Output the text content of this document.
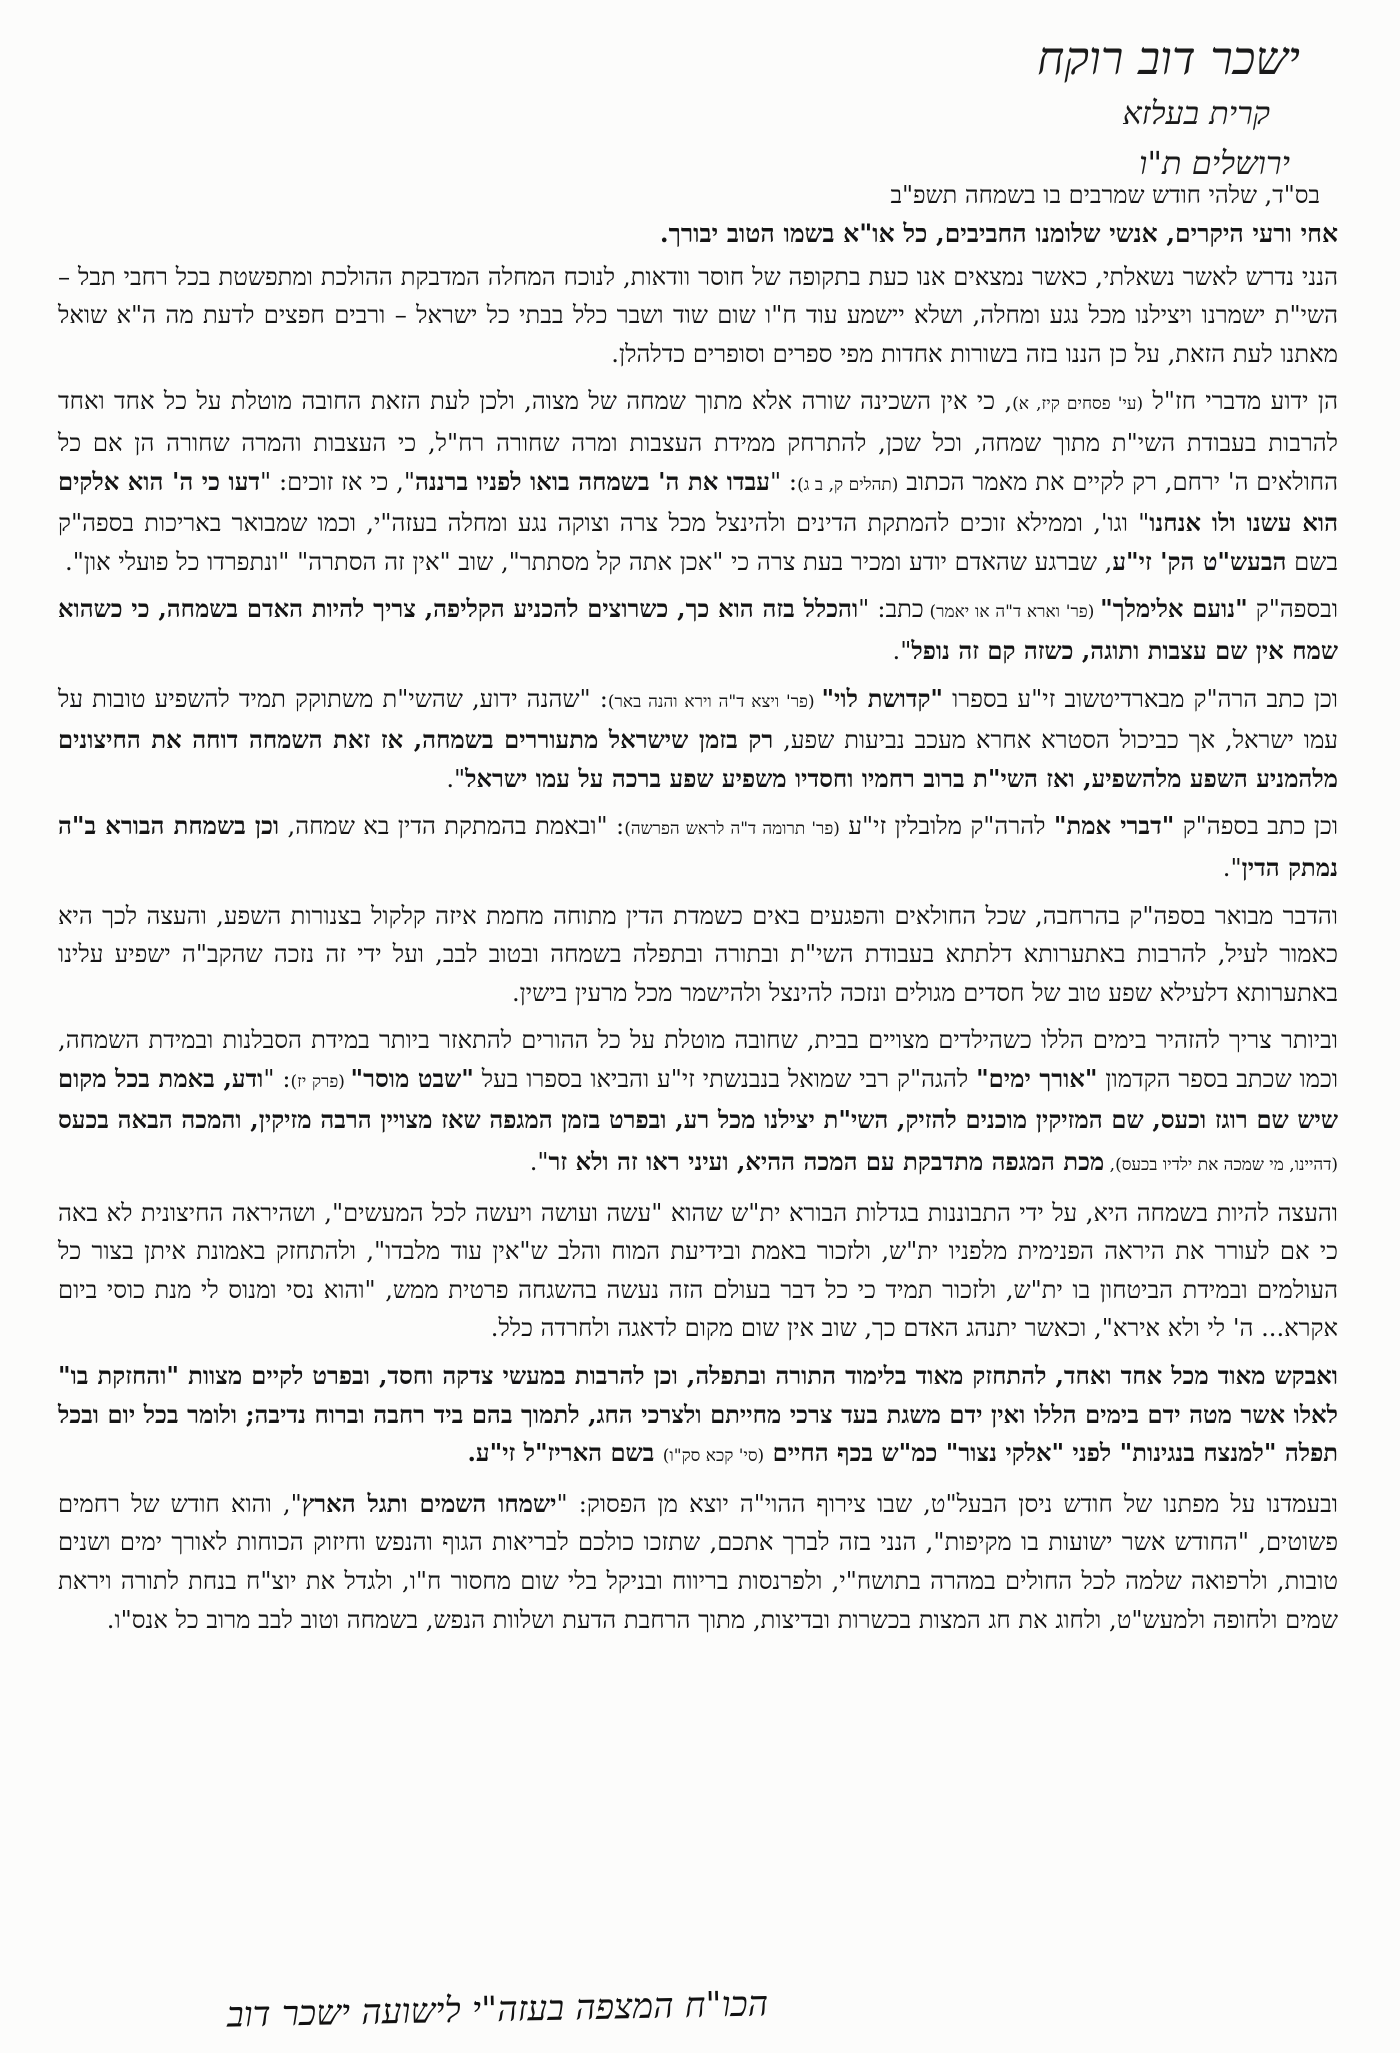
ישכר דוב רוקח
קרית בעלזא
ירושלים ת"ו
בס"ד, שלהי חודש שמרבים בו בשמחה תשפ"ב

אחי ורעי היקרים, אנשי שלומנו החביבים, כל או"א בשמו הטוב יבורך.

הנני נדרש לאשר נשאלתי, כאשר נמצאים אנו כעת בתקופה של חוסר וודאות, לנוכח המחלה המדבקת ההולכת ומתפשטת בכל רחבי תבל – השי"ת ישמרנו ויצילנו מכל נגע ומחלה, ושלא יישמע עוד ח"ו שום שוד ושבר כלל בבתי כל ישראל – ורבים חפצים לדעת מה ה"א שואל מאתנו לעת הזאת, על כן הננו בזה בשורות אחדות מפי ספרים וסופרים כדלהלן.

הן ידוע מדברי חז"ל (עי' פסחים קיז, א), כי אין השכינה שורה אלא מתוך שמחה של מצוה, ולכן לעת הזאת החובה מוטלת על כל אחד ואחד להרבות בעבודת השי"ת מתוך שמחה, וכל שכן, להתרחק ממידת העצבות ומרה שחורה רח"ל, כי העצבות והמרה שחורה הן אם כל החולאים ה' ירחם, רק לקיים את מאמר הכתוב (תהלים ק, ב ג): "עבדו את ה' בשמחה בואו לפניו ברננה", כי אז זוכים: "דעו כי ה' הוא אלקים הוא עשנו ולו אנחנו" וגו', וממילא זוכים להמתקת הדינים ולהינצל מכל צרה וצוקה נגע ומחלה בעזה"י, וכמו שמבואר באריכות בספה"ק בשם הבעש"ט הק' זי"ע, שברגע שהאדם יודע ומכיר בעת צרה כי "אכן אתה קל מסתתר", שוב "אין זה הסתרה" "ונתפרדו כל פועלי און".

ובספה"ק "נועם אלימלך" (פר' וארא ד"ה או יאמר) כתב: "והכלל בזה הוא כך, כשרוצים להכניע הקליפה, צריך להיות האדם בשמחה, כי כשהוא שמח אין שם עצבות ותוגה, כשזה קם זה נופל".

וכן כתב הרה"ק מבארדיטשוב זי"ע בספרו "קדושת לוי" (פר' ויצא ד"ה וירא והנה באר): "שהנה ידוע, שהשי"ת משתוקק תמיד להשפיע טובות על עמו ישראל, אך כביכול הסטרא אחרא מעכב נביעות שפע, רק בזמן שישראל מתעוררים בשמחה, אז זאת השמחה דוחה את החיצונים מלהמניע השפע מלהשפיע, ואז השי"ת ברוב רחמיו וחסדיו משפיע שפע ברכה על עמו ישראל".

וכן כתב בספה"ק "דברי אמת" להרה"ק מלובלין זי"ע (פר' תרומה ד"ה לראש הפרשה): "ובאמת בהמתקת הדין בא שמחה, וכן בשמחת הבורא ב"ה נמתק הדין".

והדבר מבואר בספה"ק בהרחבה, שכל החולאים והפגעים באים כשמדת הדין מתוחה מחמת איזה קלקול בצנורות השפע, והעצה לכך היא כאמור לעיל, להרבות באתערותא דלתתא בעבודת השי"ת ובתורה ובתפלה בשמחה ובטוב לבב, ועל ידי זה נזכה שהקב"ה ישפיע עלינו באתערותא דלעילא שפע טוב של חסדים מגולים ונזכה להינצל ולהישמר מכל מרעין בישין.

וביותר צריך להזהיר בימים הללו כשהילדים מצויים בבית, שחובה מוטלת על כל ההורים להתאזר ביותר במידת הסבלנות ובמידת השמחה, וכמו שכתב בספר הקדמון "אורך ימים" להגה"ק רבי שמואל בנבנשתי זי"ע והביאו בספרו בעל "שבט מוסר" (פרק יז): "ודע, באמת בכל מקום שיש שם רוגז וכעס, שם המזיקין מוכנים להזיק, השי"ת יצילנו מכל רע, ובפרט בזמן המגפה שאז מצויין הרבה מזיקין, והמכה הבאה בכעס (דהיינו, מי שמכה את ילדיו בכעס), מכת המגפה מתדבקת עם המכה ההיא, ועיני ראו זה ולא זר".

והעצה להיות בשמחה היא, על ידי התבוננות בגדלות הבורא ית"ש שהוא "עשה ועושה ויעשה לכל המעשים", ושהיראה החיצונית לא באה כי אם לעורר את היראה הפנימית מלפניו ית"ש, ולזכור באמת ובידיעת המוח והלב ש"אין עוד מלבדו", ולהתחזק באמונת איתן בצור כל העולמים ובמידת הביטחון בו ית"ש, ולזכור תמיד כי כל דבר בעולם הזה נעשה בהשגחה פרטית ממש, "והוא נסי ומנוס לי מנת כוסי ביום אקרא... ה' לי ולא אירא", וכאשר יתנהג האדם כך, שוב אין שום מקום לדאגה ולחרדה כלל.

ואבקש מאוד מכל אחד ואחד, להתחזק מאוד בלימוד התורה ובתפלה, וכן להרבות במעשי צדקה וחסד, ובפרט לקיים מצוות "והחזקת בו" לאלו אשר מטה ידם בימים הללו ואין ידם משגת בעד צרכי מחייתם ולצרכי החג, לתמוך בהם ביד רחבה וברוח נדיבה; ולומר בכל יום ובכל תפלה "למנצח בנגינות" לפני "אלקי נצור" כמ"ש בכף החיים (סי' קכא סק"ו) בשם האריז"ל זי"ע.

ובעמדנו על מפתנו של חודש ניסן הבעל"ט, שבו צירוף ההוי"ה יוצא מן הפסוק: "ישמחו השמים ותגל הארץ", והוא חודש של רחמים פשוטים, "החודש אשר ישועות בו מקיפות", הנני בזה לברך אתכם, שתזכו כולכם לבריאות הגוף והנפש וחיזוק הכוחות לאורך ימים ושנים טובות, ולרפואה שלמה לכל החולים במהרה בתושח"י, ולפרנסות בריווח ובניקל בלי שום מחסור ח"ו, ולגדל את יוצ"ח בנחת לתורה ויראת שמים ולחופה ולמעש"ט, ולחוג את חג המצות בכשרות ובדיצות, מתוך הרחבת הדעת ושלוות הנפש, בשמחה וטוב לבב מרוב כל אנס"ו.

הכו"ח המצפה בעזה"י לישועה ישכר דוב
